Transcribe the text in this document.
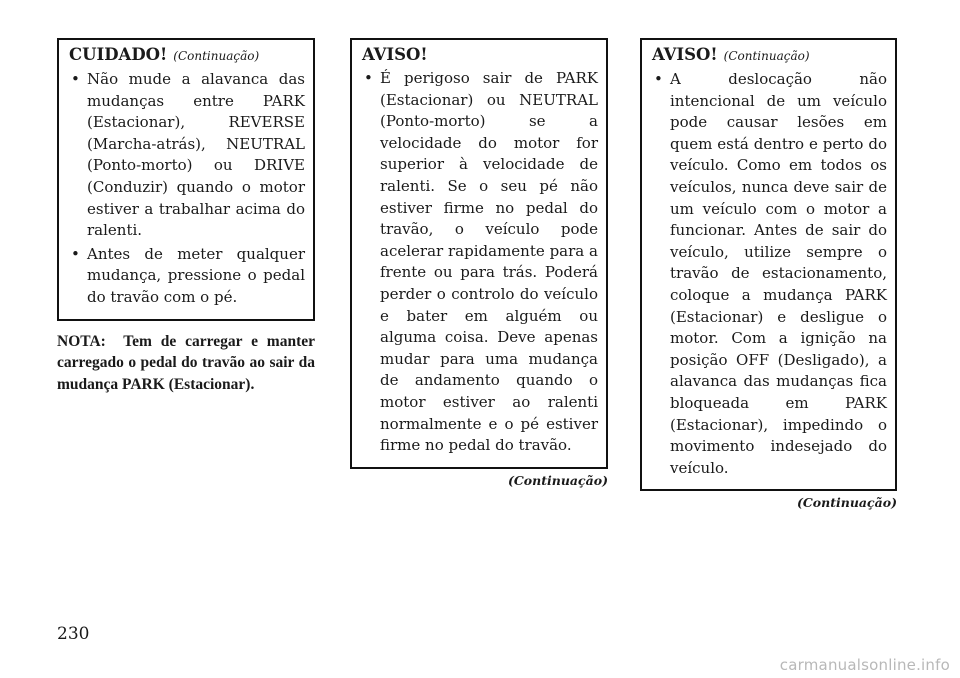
CUIDADO! (Continuação)
• Não mude a alavanca das mudanças entre PARK (Estacionar), REVERSE (Marcha-atrás), NEUTRAL (Ponto-morto) ou DRIVE (Conduzir) quando o motor estiver a trabalhar acima do ralenti.
• Antes de meter qualquer mudança, pressione o pedal do travão com o pé.
NOTA:  Tem de carregar e manter carregado o pedal do travão ao sair da mudança PARK (Estacionar).
AVISO!
• É perigoso sair de PARK (Estacionar) ou NEUTRAL (Ponto-morto) se a velocidade do motor for superior à velocidade de ralenti. Se o seu pé não estiver firme no pedal do travão, o veículo pode acelerar rapidamente para a frente ou para trás. Poderá perder o controlo do veículo e bater em alguém ou alguma coisa. Deve apenas mudar para uma mudança de andamento quando o motor estiver ao ralenti normalmente e o pé estiver firme no pedal do travão.
(Continuação)
AVISO! (Continuação)
• A deslocação não intencional de um veículo pode causar lesões em quem está dentro e perto do veículo. Como em todos os veículos, nunca deve sair de um veículo com o motor a funcionar. Antes de sair do veículo, utilize sempre o travão de estacionamento, coloque a mudança PARK (Estacionar) e desligue o motor. Com a ignição na posição OFF (Desligado), a alavanca das mudanças fica bloqueada em PARK (Estacionar), impedindo o movimento indesejado do veículo.
(Continuação)
230
carmanualsonline.info
